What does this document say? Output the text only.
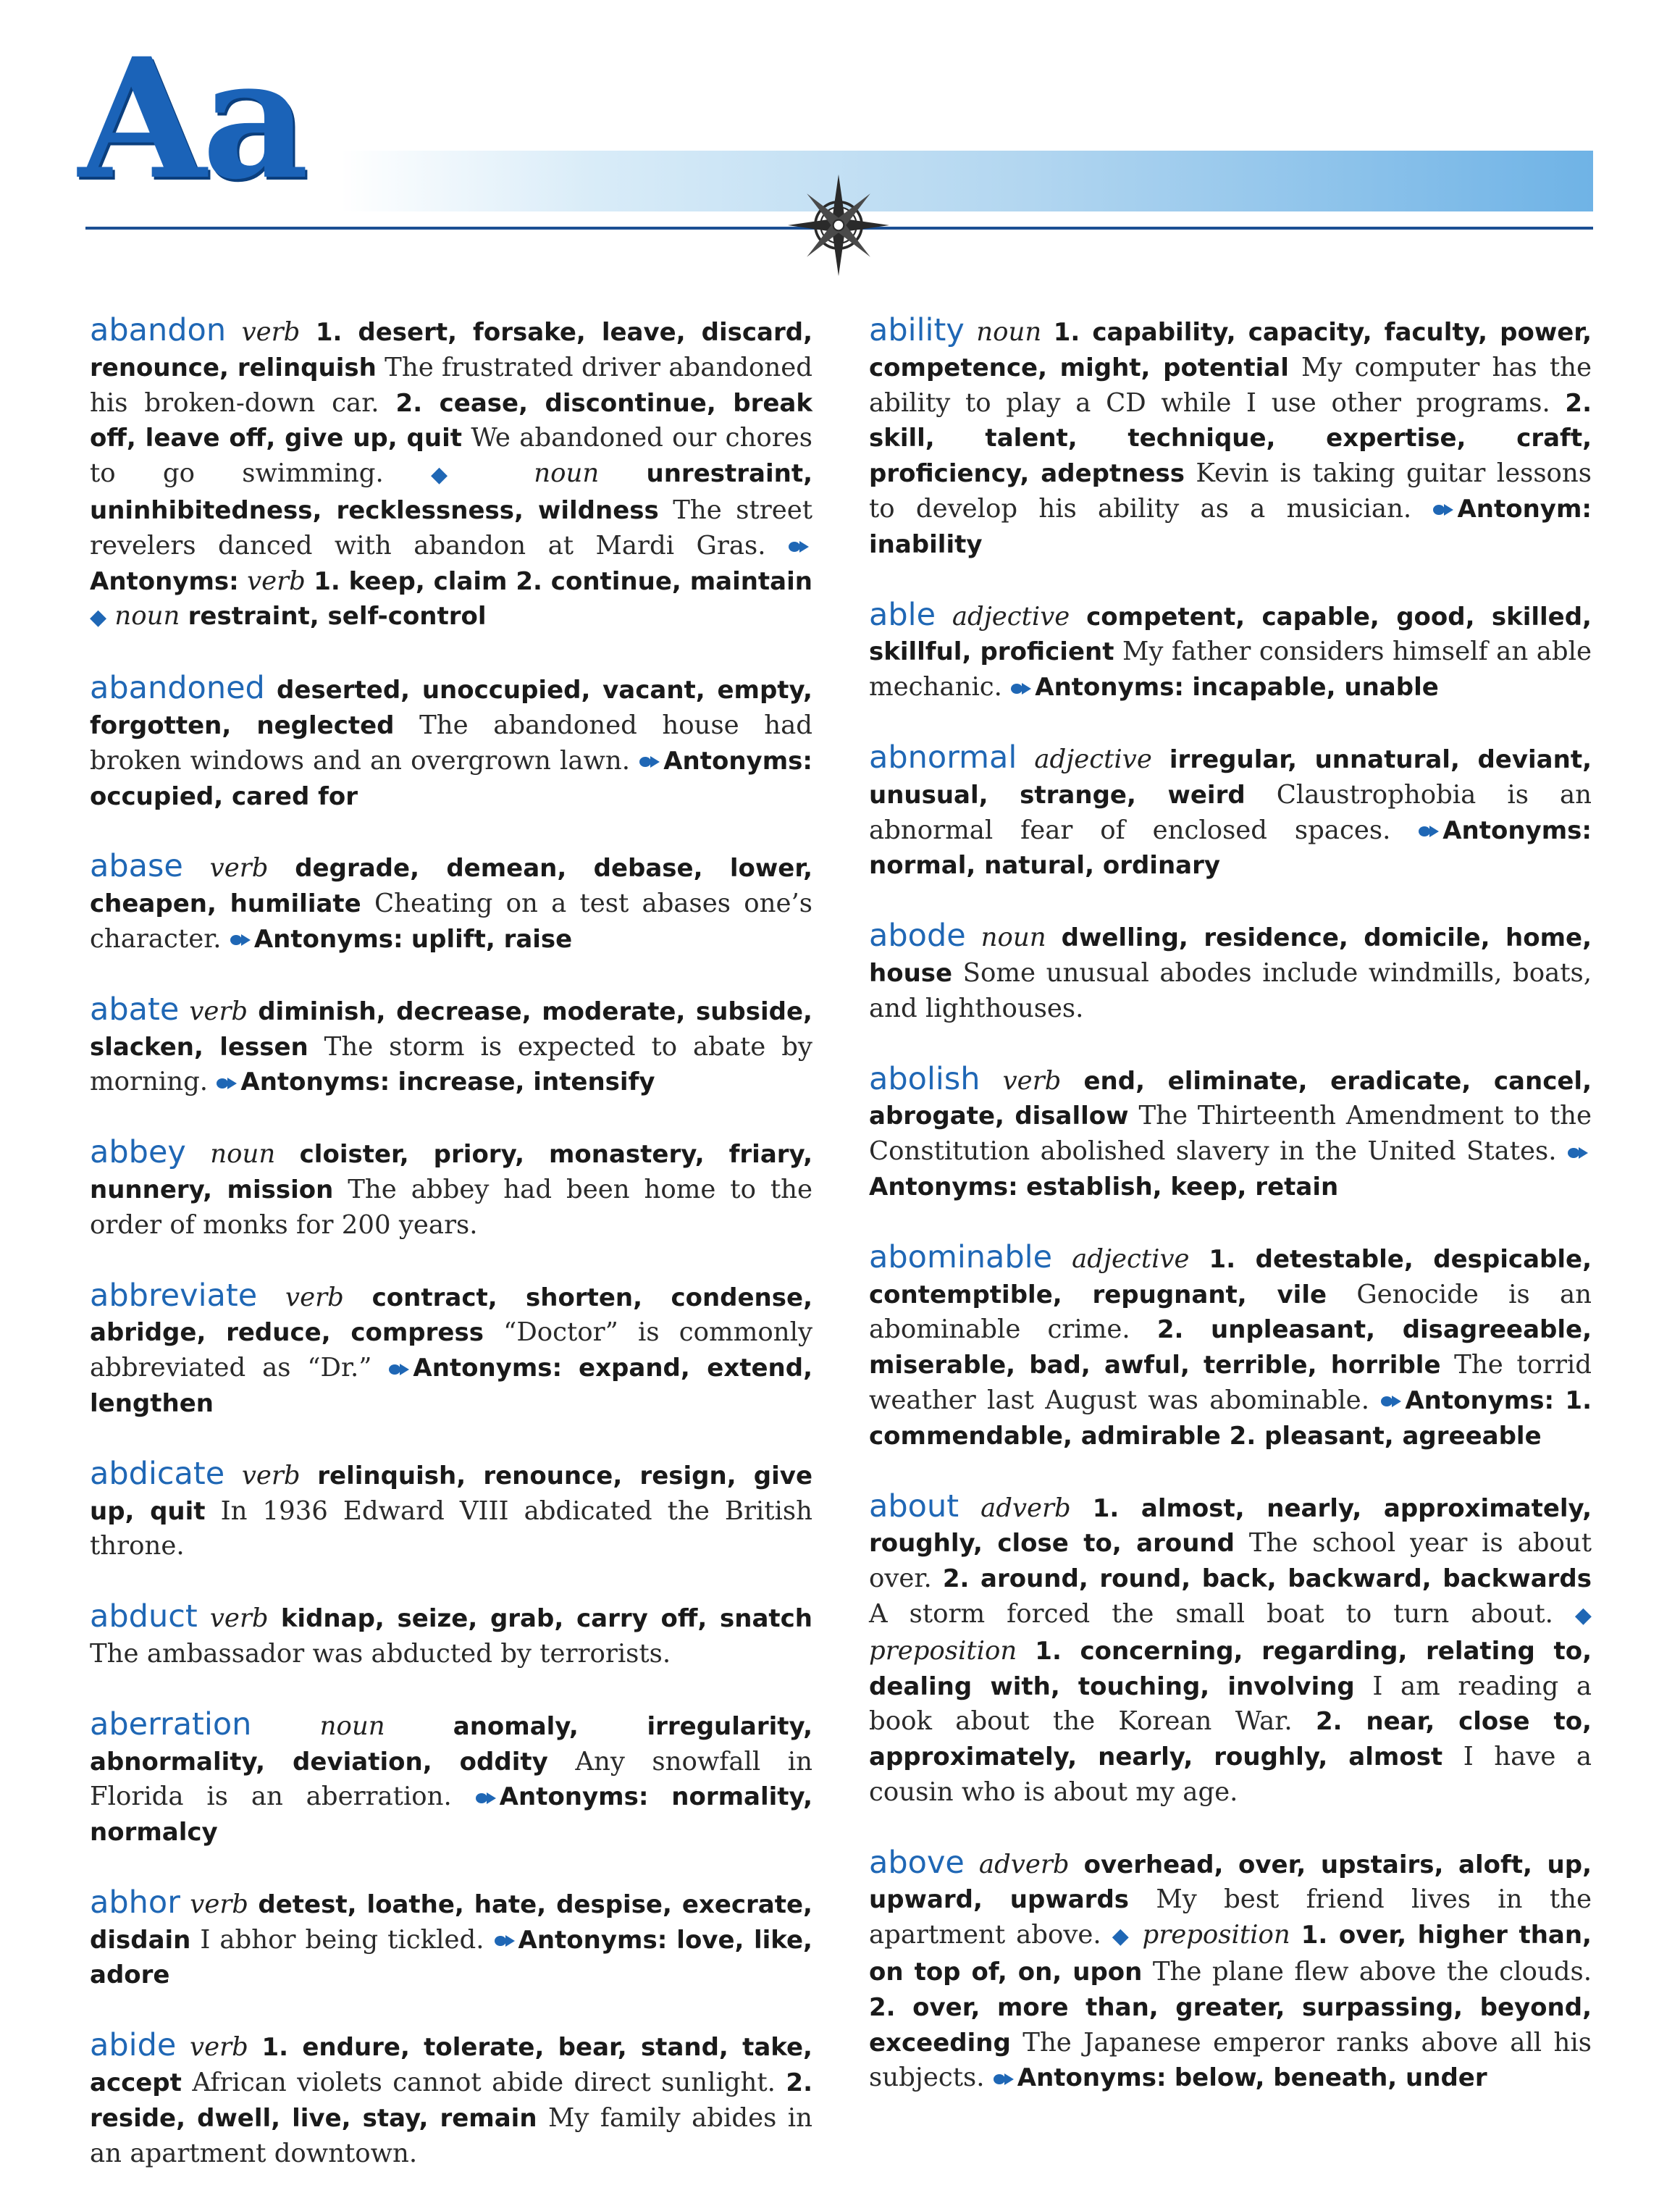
Aa

abandon verb 1. desert, forsake, leave, discard, renounce, relinquish The frustrated driver abandoned his broken-down car. 2. cease, discontinue, break off, leave off, give up, quit We abandoned our chores to go swimming. ◆ noun unrestraint, uninhibitedness, recklessness, wildness The street revelers danced with abandon at Mardi Gras. Antonyms: verb 1. keep, claim 2. continue, maintain ◆ noun restraint, self-control

abandoned deserted, unoccupied, vacant, empty, forgotten, neglected The abandoned house had broken windows and an overgrown lawn. Antonyms: occupied, cared for

abase verb degrade, demean, debase, lower, cheapen, humiliate Cheating on a test abases one’s character. Antonyms: uplift, raise

abate verb diminish, decrease, moderate, subside, slacken, lessen The storm is expected to abate by morning. Antonyms: increase, intensify

abbey noun cloister, priory, monastery, friary, nunnery, mission The abbey had been home to the order of monks for 200 years.

abbreviate verb contract, shorten, condense, abridge, reduce, compress “Doctor” is commonly abbreviated as “Dr.” Antonyms: expand, extend, lengthen

abdicate verb relinquish, renounce, resign, give up, quit In 1936 Edward VIII abdicated the British throne.

abduct verb kidnap, seize, grab, carry off, snatch The ambassador was abducted by terrorists.

aberration	noun	anomaly, irregularity, abnormality, deviation, oddity Any snowfall in Florida is an aberration. Antonyms: normality, normalcy

abhor verb detest, loathe, hate, despise, execrate, disdain I abhor being tickled. Antonyms: love, like, adore

abide verb 1. endure, tolerate, bear, stand, take, accept African violets cannot abide direct sunlight. 2. reside, dwell, live, stay, remain My family abides in an apartment downtown.

ability noun 1. capability, capacity, faculty, power, competence, might, potential My computer has the ability to play a CD while I use other programs. 2. skill, talent, technique, expertise, craft, proficiency, adeptness Kevin is taking guitar lessons to develop his ability as a musician. Antonym: inability

able adjective competent, capable, good, skilled, skillful, proficient My father considers himself an able mechanic. Antonyms: incapable, unable

abnormal adjective irregular, unnatural, deviant, unusual, strange, weird Claustrophobia is an abnormal fear of enclosed spaces. Antonyms: normal, natural, ordinary

abode noun dwelling, residence, domicile, home, house Some unusual abodes include windmills, boats, and lighthouses.

abolish verb end, eliminate, eradicate, cancel, abrogate, disallow The Thirteenth Amendment to the Constitution abolished slavery in the United States. Antonyms: establish, keep, retain

abominable adjective 1. detestable, despicable, contemptible, repugnant, vile Genocide is an abominable crime. 2. unpleasant, disagreeable, miserable, bad, awful, terrible, horrible The torrid weather last August was abominable. Antonyms: 1. commendable, admirable 2. pleasant, agreeable

about adverb 1. almost, nearly, approximately, roughly, close to, around The school year is about over. 2. around, round, back, backward, backwards A storm forced the small boat to turn about. ◆ preposition 1. concerning, regarding, relating to, dealing with, touching, involving I am reading a book about the Korean War. 2. near, close to, approximately, nearly, roughly, almost I have a cousin who is about my age.

above adverb overhead, over, upstairs, aloft, up, upward, upwards My best friend lives in the apartment above. ◆ preposition 1. over, higher than, on top of, on, upon The plane flew above the clouds. 2. over, more than, greater, surpassing, beyond, exceeding The Japanese emperor ranks above all his subjects. Antonyms: below, beneath, under
